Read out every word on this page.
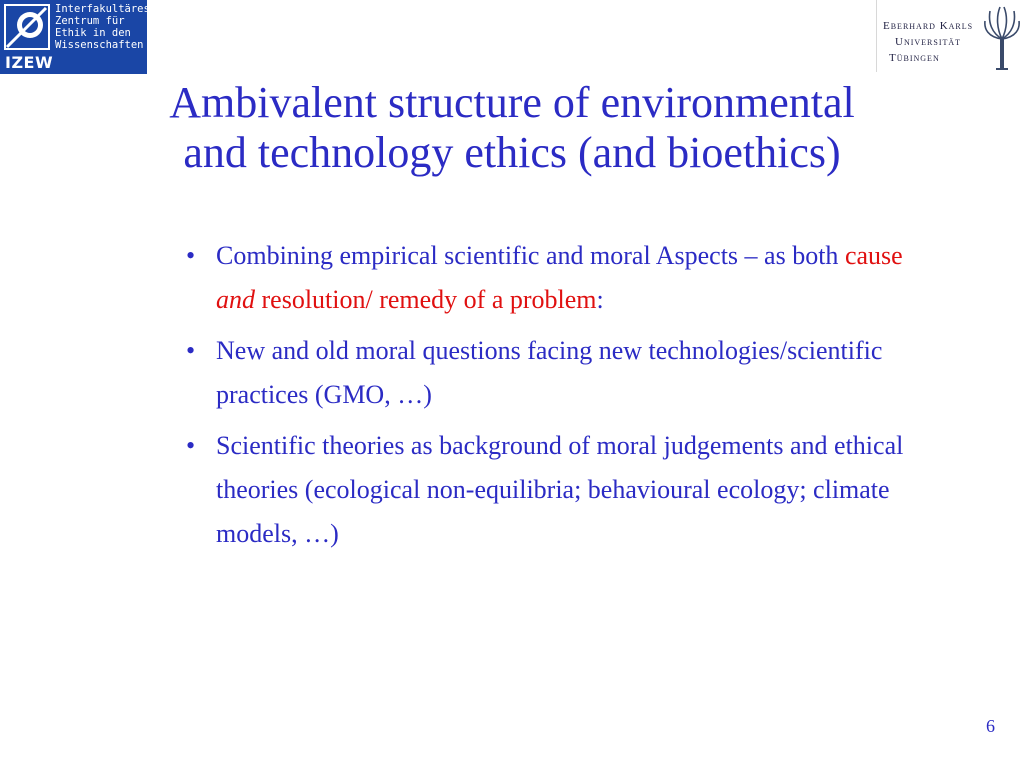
Interfakultäres
Zentrum für
Ethik in den
Wissenschaften
IZEW
Eberhard Karls
Universität
Tübingen
Ambivalent structure of environmental
and technology ethics (and bioethics)
• Combining empirical scientific and moral Aspects – as both cause and resolution/ remedy of a problem:
• New and old moral questions facing new technologies/scientific practices (GMO, …)
• Scientific theories as background of moral judgements and ethical theories (ecological non-equilibria; behavioural ecology; climate models, …)
6
